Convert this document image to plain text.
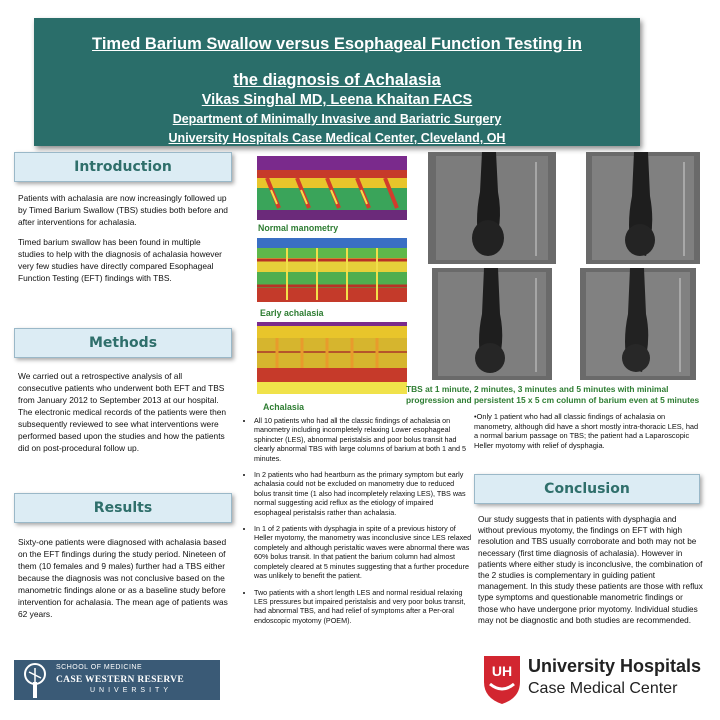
Timed Barium Swallow versus Esophageal Function Testing in
the diagnosis of Achalasia
Vikas Singhal MD, Leena Khaitan FACS
Department of Minimally Invasive and Bariatric Surgery
University Hospitals Case Medical Center, Cleveland, OH
Introduction

Patients with achalasia are now increasingly followed up by Timed Barium Swallow (TBS) studies both before and after interventions for achalasia.

Timed barium swallow has been found in multiple studies to help with the diagnosis of achalasia however very few studies have directly compared Esophageal Function Testing (EFT) findings with TBS.

Methods

We carried out a retrospective analysis of all consecutive patients who underwent both EFT and TBS from January 2012 to September 2013 at our hospital. The electronic medical records of the patients were then subsequently reviewed to see what interventions were performed based upon the studies and how the patients did on post-procedural follow up.

Results

Sixty-one patients were diagnosed with achalasia based on the EFT findings during the study period. Nineteen of them (10 females and 9 males) further had a TBS either because the diagnosis was not conclusive based on the manometric findings alone or as a baseline study before intervention for achalasia. The mean age of patients was 62 years.

SCHOOL OF MEDICINE
CASE WESTERN RESERVE
UNIVERSITY
Normal manometry
Early achalasia
Achalasia
• All 10 patients who had all the classic findings of achalasia on manometry including incompletely relaxing Lower esophageal sphincter (LES), abnormal peristalsis and poor bolus transit had clearly abnormal TBS with large columns of barium at both 1 and 5 minutes.
• In 2 patients who had heartburn as the primary symptom but early achalasia could not be excluded on manometry due to reduced bolus transit time (1 also had incompletely relaxing LES), TBS was normal suggesting acid reflux as the etiology of impaired esophageal peristalsis rather than achalasia.
• In 1 of 2 patients with dysphagia in spite of a previous history of Heller myotomy, the manometry was inconclusive since LES relaxed completely and although peristaltic waves were abnormal there was 60% bolus transit. In that patient the barium column had almost completely cleared at 5 minutes suggesting that a further procedure was unlikely to benefit the patient.
• Two patients with a short length LES and normal residual relaxing LES pressures but impaired peristalsis and very poor bolus transit, had abnormal TBS, and had relief of symptoms after a Per-oral endoscopic myotomy (POEM).
TBS at 1 minute, 2 minutes, 3 minutes and 5 minutes with minimal progression and persistent 15 x 5 cm column of barium even at 5 minutes
•Only 1 patient who had all classic findings of achalasia on manometry, although did have a short mostly intra-thoracic LES, had a normal barium passage on TBS; the patient had a Laparoscopic Heller myotomy with relief of dysphagia.
Conclusion

Our study suggests that in patients with dysphagia and without previous myotomy, the findings on EFT with high resolution and TBS usually corroborate and both may not be necessary (first time diagnosis of achalasia). However in patients where either study is inconclusive, the combination of the 2 studies is complementary in guiding patient management. In this study these patients are those with reflux type symptoms and questionable manometric findings or those who have undergone prior myotomy. Individual studies may not be diagnostic and both studies are recommended.

UH University Hospitals
Case Medical Center
